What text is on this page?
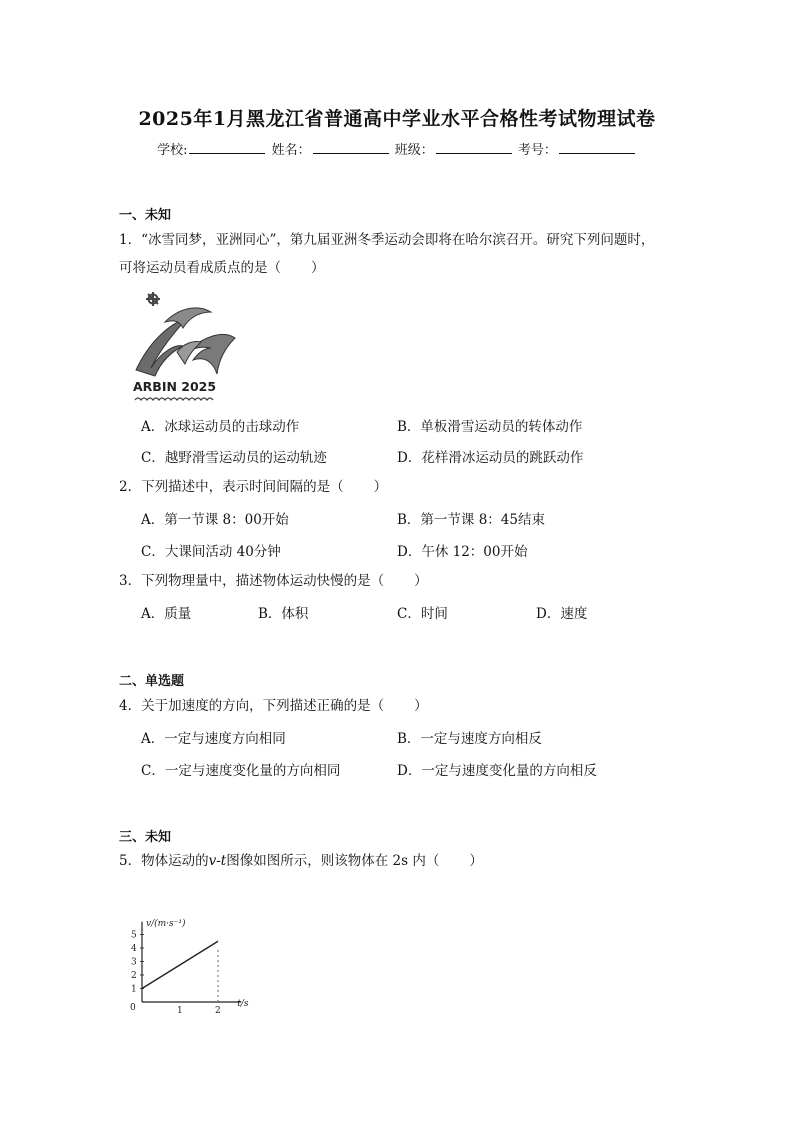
2025年1月黑龙江省普通高中学业水平合格性考试物理试卷
学校:	姓名：	班级：	考号：
一、未知
1．“冰雪同梦，亚洲同心”，第九届亚洲冬季运动会即将在哈尔滨召开。研究下列问题时，
可将运动员看成质点的是（ ）
ARBIN 2025
A．冰球运动员的击球动作	B．单板滑雪运动员的转体动作
C．越野滑雪运动员的运动轨迹	D．花样滑冰运动员的跳跃动作
2．下列描述中，表示时间间隔的是（ ）
A．第一节课 8：00开始	B．第一节课 8：45结束
C．大课间活动 40分钟	D．午休 12：00开始
3．下列物理量中，描述物体运动快慢的是（ ）
A．质量	B．体积	C．时间	D．速度
二、单选题
4．关于加速度的方向，下列描述正确的是（ ）
A．一定与速度方向相同	B．一定与速度方向相反
C．一定与速度变化量的方向相同	D．一定与速度变化量的方向相反
三、未知
5．物体运动的v-t图像如图所示，则该物体在 2s 内（ ）
v/(m·s⁻¹)
t/s
0	1	2
1
2
3
4
5
